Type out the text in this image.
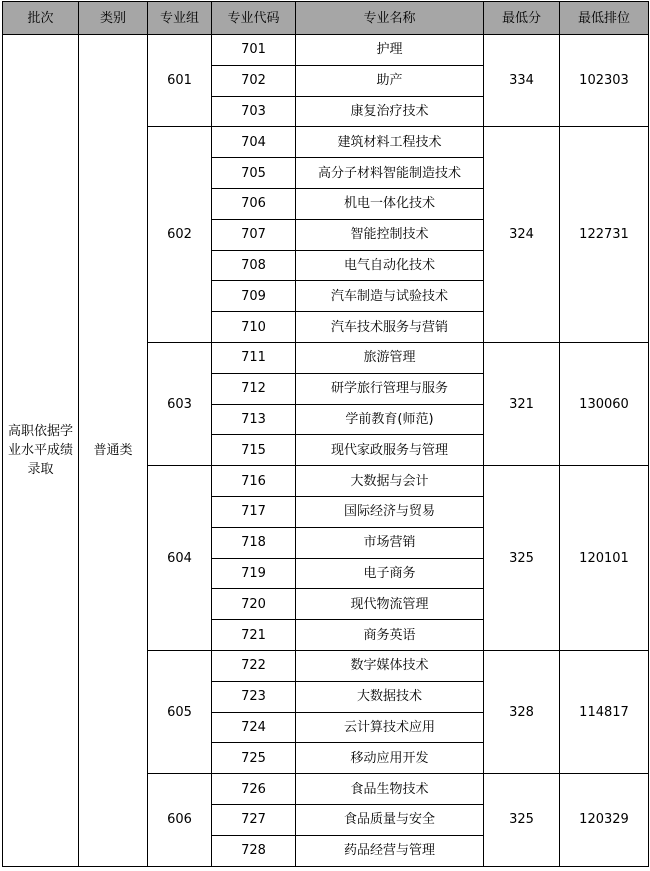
批次	类别	专业组	专业代码	专业名称	最低分	最低排位
高职依据学业水平成绩录取	普通类	601	701	护理	334	102303
			702	助产		
			703	康复治疗技术		
		602	704	建筑材料工程技术	324	122731
			705	高分子材料智能制造技术		
			706	机电一体化技术		
			707	智能控制技术		
			708	电气自动化技术		
			709	汽车制造与试验技术		
			710	汽车技术服务与营销		
		603	711	旅游管理	321	130060
			712	研学旅行管理与服务		
			713	学前教育(师范)		
			715	现代家政服务与管理		
		604	716	大数据与会计	325	120101
			717	国际经济与贸易		
			718	市场营销		
			719	电子商务		
			720	现代物流管理		
			721	商务英语		
		605	722	数字媒体技术	328	114817
			723	大数据技术		
			724	云计算技术应用		
			725	移动应用开发		
		606	726	食品生物技术	325	120329
			727	食品质量与安全		
			728	药品经营与管理		
